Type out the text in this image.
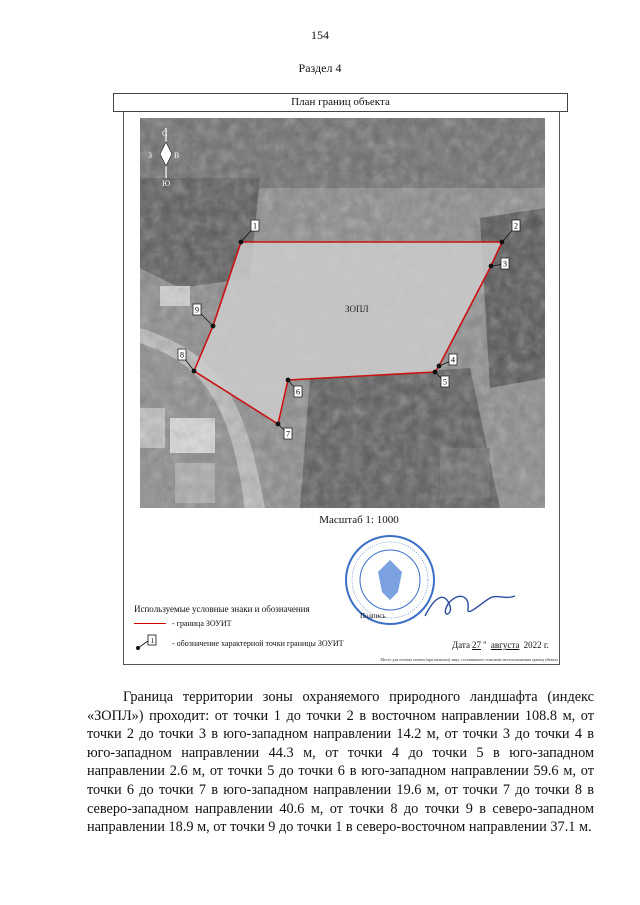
154
Раздел 4
План границ объекта
ЗОПЛ
С
Ю
З	В
1	2
3
4
5
6
7
8
9
Масштаб 1: 1000
Используемые условные знаки и обозначения
- граница ЗОУИТ
1 - обозначение характерной точки границы ЗОУИТ
Подпись
Дата 27 " августа 2022 г.
Место для оттиска печати (при наличии) лица, составившего описание местоположения границ объекта

Граница территории зоны охраняемого природного ландшафта (индекс «ЗОПЛ») проходит: от точки 1 до точки 2 в восточном направлении 108.8 м, от точки 2 до точки 3 в юго-западном направлении 14.2 м, от точки 3 до точки 4 в юго-западном направлении 44.3 м, от точки 4 до точки 5 в юго-западном направлении 2.6 м, от точки 5 до точки 6 в юго-западном направлении 59.6 м, от точки 6 до точки 7 в юго-западном направлении 19.6 м, от точки 7 до точки 8 в северо-западном направлении 40.6 м, от точки 8 до точки 9 в северо-западном направлении 18.9 м, от точки 9 до точки 1 в северо-восточном направлении 37.1 м.
